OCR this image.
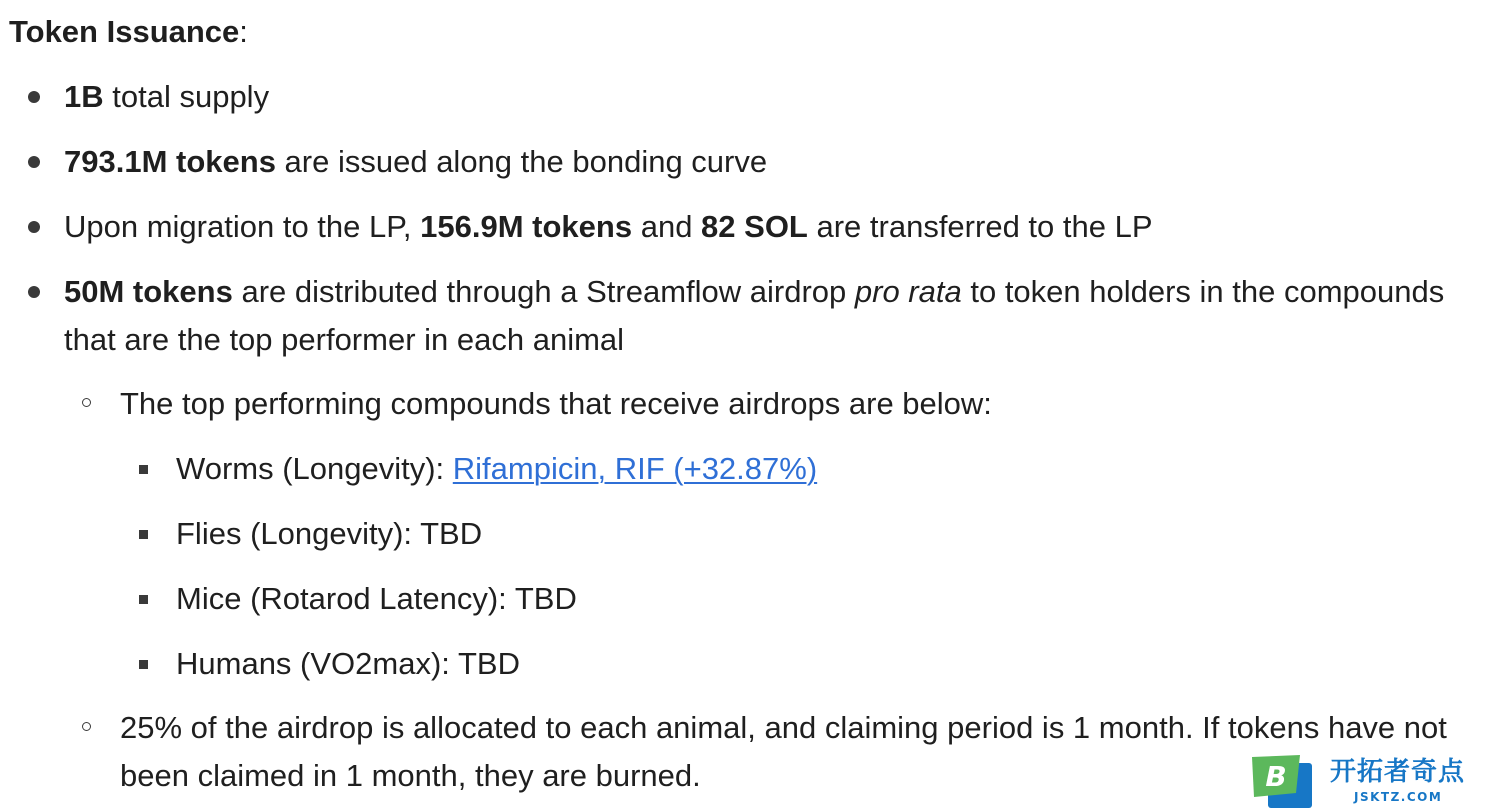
Token Issuance:

1B total supply
793.1M tokens are issued along the bonding curve
Upon migration to the LP, 156.9M tokens and 82 SOL are transferred to the LP
50M tokens are distributed through a Streamflow airdrop pro rata to token holders in the compounds that are the top performer in each animal
The top performing compounds that receive airdrops are below:
Worms (Longevity): Rifampicin, RIF (+32.87%)
Flies (Longevity): TBD
Mice (Rotarod Latency): TBD
Humans (VO2max): TBD
25% of the airdrop is allocated to each animal, and claiming period is 1 month. If tokens have not been claimed in 1 month, they are burned.	B 开拓者奇点
JSKTZ.COM
